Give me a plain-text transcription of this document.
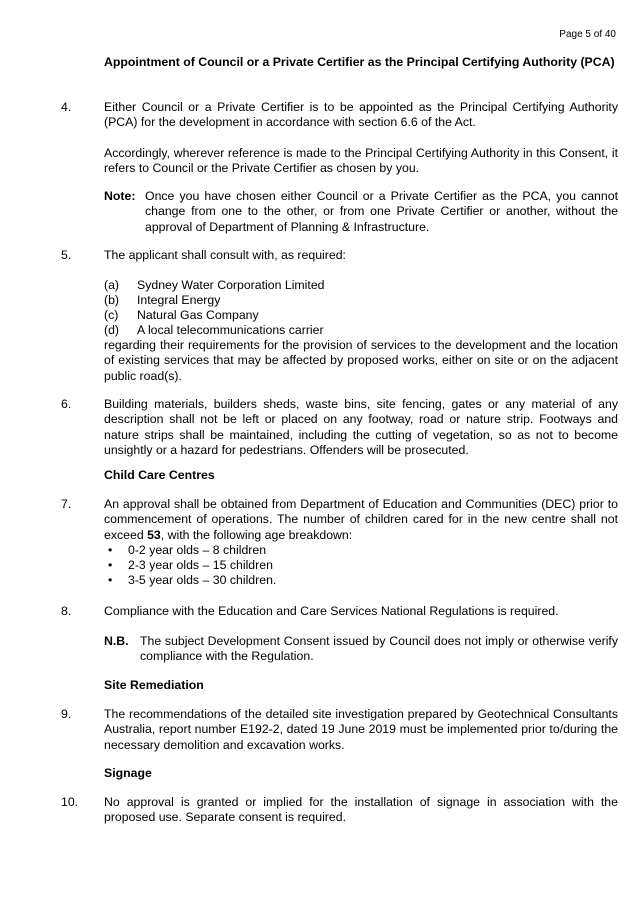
Page 5 of 40
Appointment of Council or a Private Certifier as the Principal Certifying Authority (PCA)
4.	Either Council or a Private Certifier is to be appointed as the Principal Certifying Authority (PCA) for the development in accordance with section 6.6 of the Act.
Accordingly, wherever reference is made to the Principal Certifying Authority in this Consent, it refers to Council or the Private Certifier as chosen by you.
Note: Once you have chosen either Council or a Private Certifier as the PCA, you cannot change from one to the other, or from one Private Certifier or another, without the approval of Department of Planning & Infrastructure.
5.	The applicant shall consult with, as required:
(a) Sydney Water Corporation Limited
(b) Integral Energy
(c) Natural Gas Company
(d) A local telecommunications carrier
regarding their requirements for the provision of services to the development and the location of existing services that may be affected by proposed works, either on site or on the adjacent public road(s).
6.	Building materials, builders sheds, waste bins, site fencing, gates or any material of any description shall not be left or placed on any footway, road or nature strip. Footways and nature strips shall be maintained, including the cutting of vegetation, so as not to become unsightly or a hazard for pedestrians. Offenders will be prosecuted.
Child Care Centres
7.	An approval shall be obtained from Department of Education and Communities (DEC) prior to commencement of operations. The number of children cared for in the new centre shall not exceed 53, with the following age breakdown:
• 0-2 year olds – 8 children
• 2-3 year olds – 15 children
• 3-5 year olds – 30 children.
8.	Compliance with the Education and Care Services National Regulations is required.
N.B. The subject Development Consent issued by Council does not imply or otherwise verify compliance with the Regulation.
Site Remediation
9.	The recommendations of the detailed site investigation prepared by Geotechnical Consultants Australia, report number E192-2, dated 19 June 2019 must be implemented prior to/during the necessary demolition and excavation works.
Signage
10. No approval is granted or implied for the installation of signage in association with the proposed use. Separate consent is required.
